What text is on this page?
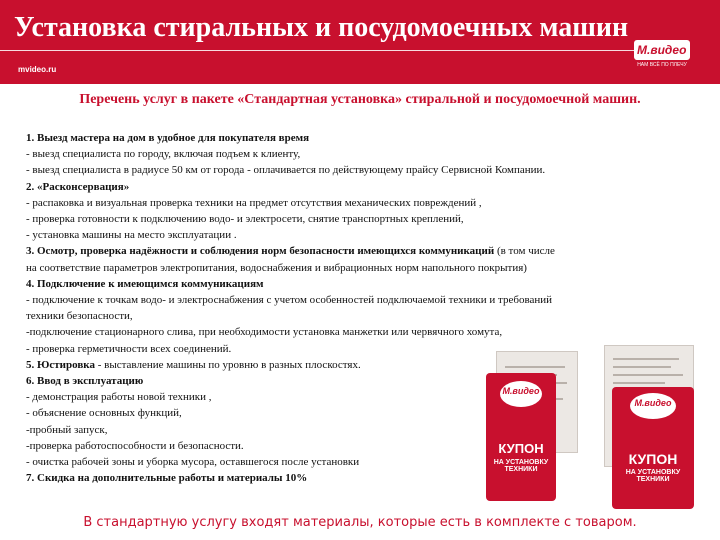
Установка стиральных и посудомоечных машин
mvideo.ru
М.видео
НАМ ВСЁ ПО ПЛЕЧУ
Перечень услуг в пакете «Стандартная установка» стиральной и посудомоечной машин.
1. Выезд мастера на дом в удобное для покупателя время
- выезд специалиста по городу, включая подъем к клиенту,
- выезд специалиста в радиусе 50 км от города - оплачивается по действующему прайсу Сервисной Компании.
2. «Расконсервация»
- распаковка и визуальная проверка техники на предмет отсутствия механических повреждений ,
- проверка готовности к подключению водо- и электросети, снятие транспортных креплений,
- установка машины на место эксплуатации .
3. Осмотр, проверка надёжности и соблюдения норм безопасности имеющихся коммуникаций (в том числе
на соответствие параметров электропитания, водоснабжения и вибрационных норм напольного покрытия)
4. Подключение к имеющимся коммуникациям
- подключение к точкам водо- и электроснабжения с учетом особенностей подключаемой техники и требований
техники безопасности,
-подключение стационарного слива, при необходимости установка манжетки или червячного хомута,
- проверка герметичности всех соединений.
5. Юстировка - выставление машины по уровню в разных плоскостях.
6. Ввод в эксплуатацию
- демонстрация работы новой техники ,
- объяснение основных функций,
-пробный запуск,
-проверка работоспособности и безопасности.
- очистка рабочей зоны и уборка мусора, оставшегося после установки
7. Скидка на дополнительные работы и материалы 10%
М.видео
КУПОН
НА УСТАНОВКУ ТЕХНИКИ
М.видео
КУПОН
НА УСТАНОВКУ ТЕХНИКИ
В стандартную услугу входят материалы, которые есть в комплекте с товаром.
